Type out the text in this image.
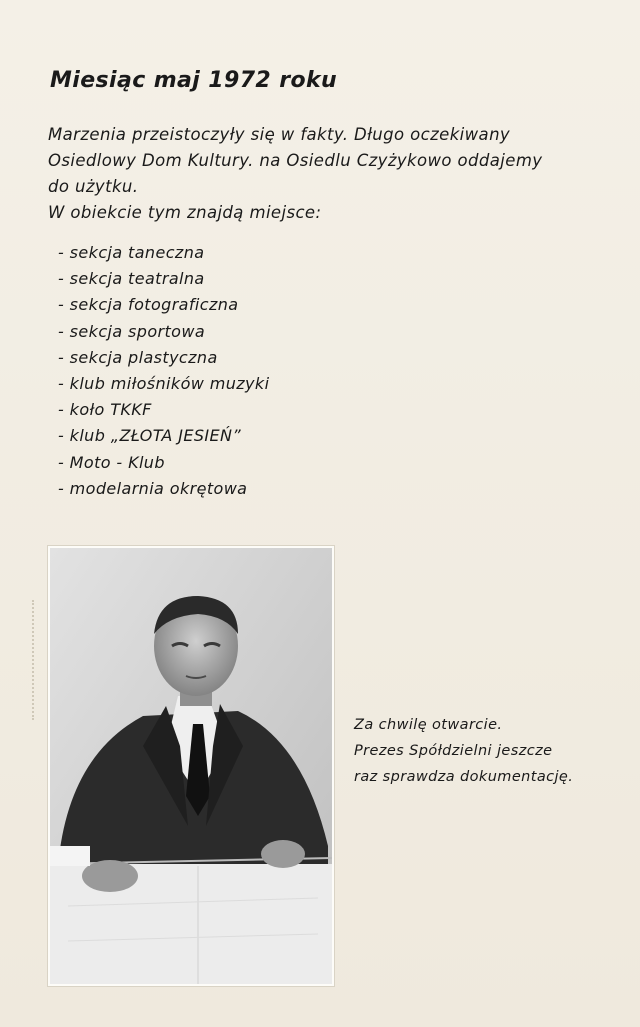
Miesiąc maj 1972 roku

Marzenia przeistoczyły się w fakty. Długo oczekiwany

Osiedlowy Dom Kultury. na Osiedlu Czyżykowo oddajemy

do użytku.

W obiekcie tym znajdą miejsce:

- sekcja taneczna
- sekcja teatralna
- sekcja fotograficzna
- sekcja sportowa
- sekcja plastyczna
- klub miłośników muzyki
- koło TKKF
- klub „ZŁOTA JESIEŃ”
- Moto - Klub
- modelarnia okrętowa

Za chwilę otwarcie.

Prezes Spółdzielni jeszcze

raz sprawdza dokumentację.
